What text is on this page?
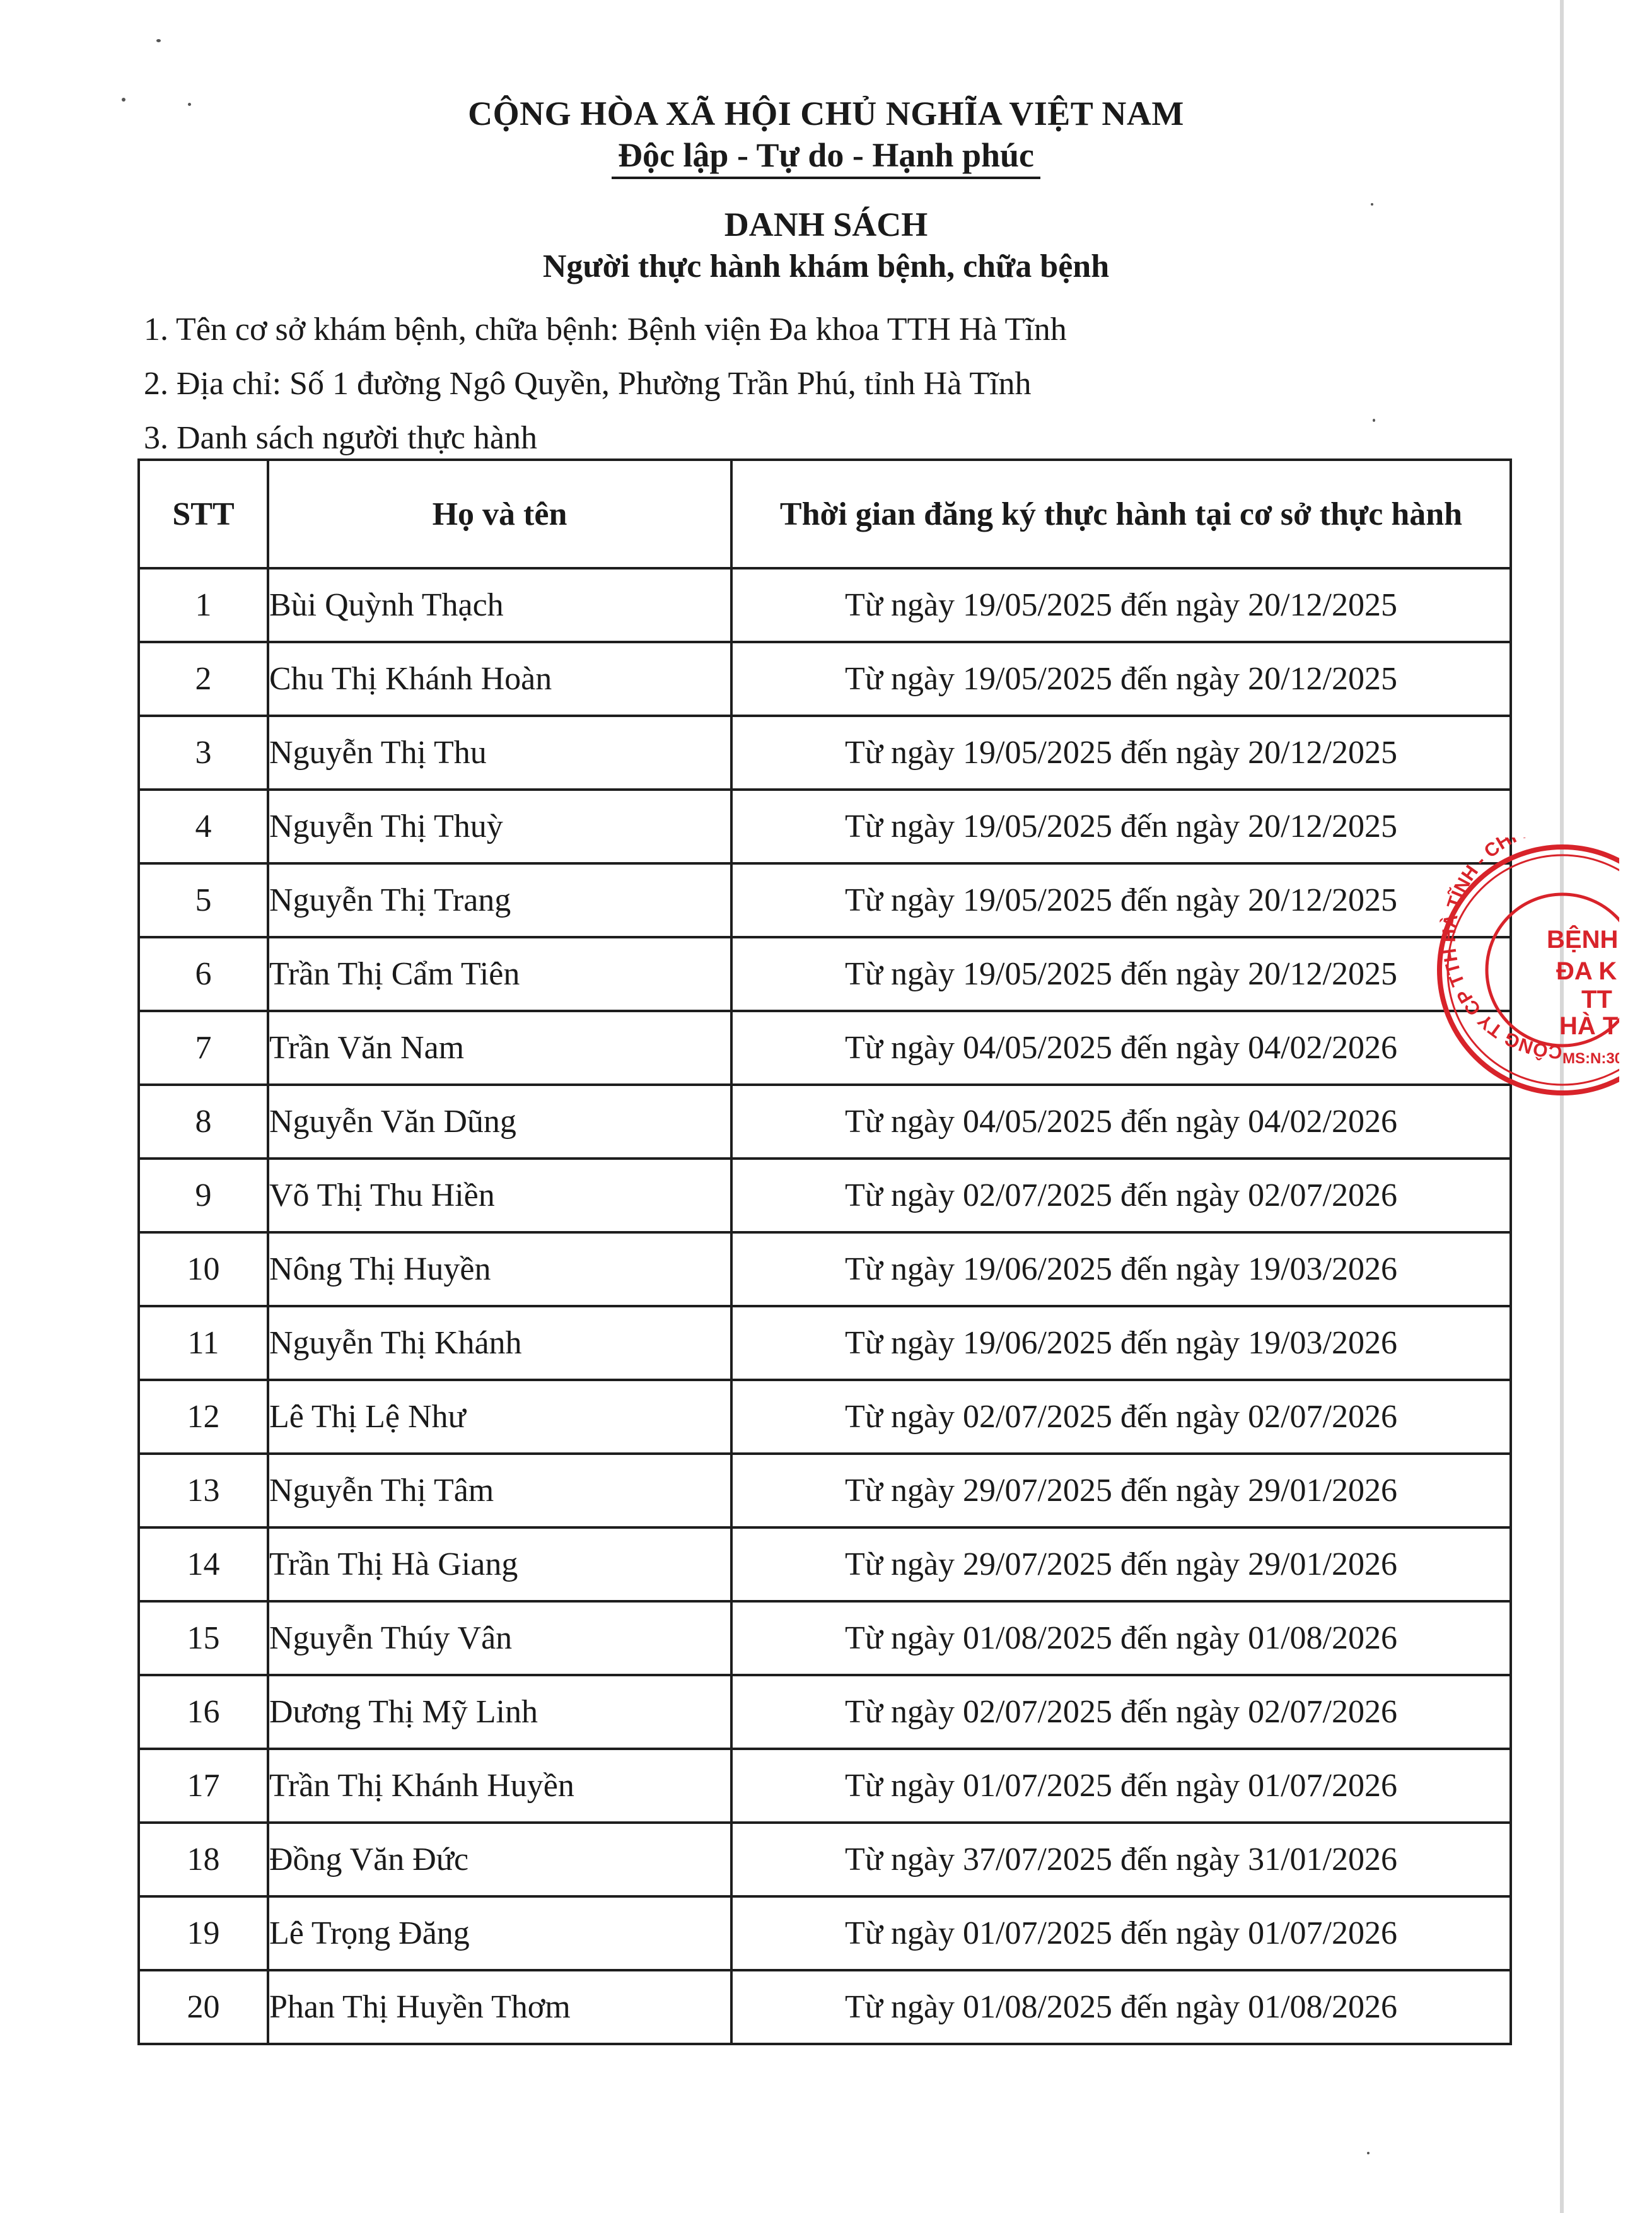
CỘNG HÒA XÃ HỘI CHỦ NGHĨA VIỆT NAM
Độc lập - Tự do - Hạnh phúc
DANH SÁCH
Người thực hành khám bệnh, chữa bệnh
1. Tên cơ sở khám bệnh, chữa bệnh: Bệnh viện Đa khoa TTH Hà Tĩnh
2. Địa chỉ: Số 1 đường Ngô Quyền, Phường Trần Phú, tỉnh Hà Tĩnh
3. Danh sách người thực hành
STT	Họ và tên	Thời gian đăng ký thực hành tại cơ sở thực hành
1	Bùi Quỳnh Thạch	Từ ngày 19/05/2025 đến ngày 20/12/2025
2	Chu Thị Khánh Hoàn	Từ ngày 19/05/2025 đến ngày 20/12/2025
3	Nguyễn Thị Thu	Từ ngày 19/05/2025 đến ngày 20/12/2025
4	Nguyễn Thị Thuỳ	Từ ngày 19/05/2025 đến ngày 20/12/2025
5	Nguyễn Thị Trang	Từ ngày 19/05/2025 đến ngày 20/12/2025
6	Trần Thị Cẩm Tiên	Từ ngày 19/05/2025 đến ngày 20/12/2025
7	Trần Văn Nam	Từ ngày 04/05/2025 đến ngày 04/02/2026
8	Nguyễn Văn Dũng	Từ ngày 04/05/2025 đến ngày 04/02/2026
9	Võ Thị Thu Hiền	Từ ngày 02/07/2025 đến ngày 02/07/2026
10	Nông Thị Huyền	Từ ngày 19/06/2025 đến ngày 19/03/2026
11	Nguyễn Thị Khánh	Từ ngày 19/06/2025 đến ngày 19/03/2026
12	Lê Thị Lệ Như	Từ ngày 02/07/2025 đến ngày 02/07/2026
13	Nguyễn Thị Tâm	Từ ngày 29/07/2025 đến ngày 29/01/2026
14	Trần Thị Hà Giang	Từ ngày 29/07/2025 đến ngày 29/01/2026
15	Nguyễn Thúy Vân	Từ ngày 01/08/2025 đến ngày 01/08/2026
16	Dương Thị Mỹ Linh	Từ ngày 02/07/2025 đến ngày 02/07/2026
17	Trần Thị Khánh Huyền	Từ ngày 01/07/2025 đến ngày 01/07/2026
18	Đồng Văn Đức	Từ ngày 37/07/2025 đến ngày 31/01/2026
19	Lê Trọng Đăng	Từ ngày 01/07/2025 đến ngày 01/07/2026
20	Phan Thị Huyền Thơm	Từ ngày 01/08/2025 đến ngày 01/08/2026
CÔNG TY CP TTH HÀ TĨNH - CH
BỆNH
ĐA K
TT
HÀ T
MS:N:30
